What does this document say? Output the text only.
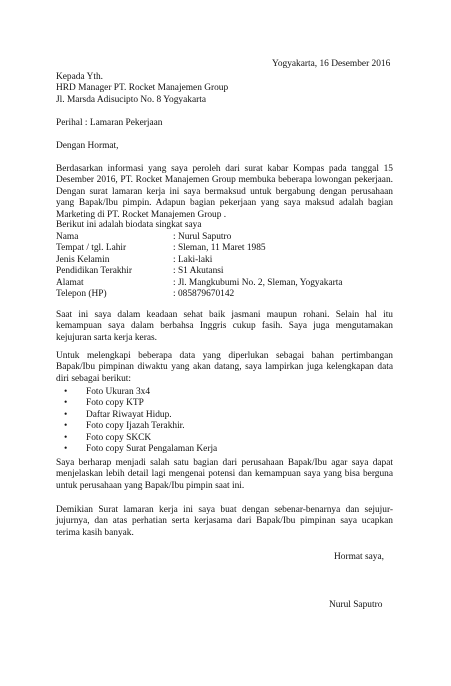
Yogyakarta, 16 Desember 2016
Kepada Yth.
HRD Manager PT. Rocket Manajemen Group
Jl. Marsda Adisucipto No. 8 Yogyakarta
Perihal : Lamaran Pekerjaan
Dengan Hormat,
Berdasarkan informasi yang saya peroleh dari surat kabar Kompas pada tanggal 15 Desember 2016, PT. Rocket Manajemen Group membuka beberapa lowongan pekerjaan. Dengan surat lamaran kerja ini saya bermaksud untuk bergabung dengan perusahaan yang Bapak/Ibu pimpin. Adapun bagian pekerjaan yang saya maksud adalah bagian Marketing di PT. Rocket Manajemen Group .
Berikut ini adalah biodata singkat saya
Nama	: Nurul Saputro
Tempat / tgl. Lahir	: Sleman, 11 Maret 1985
Jenis Kelamin	: Laki-laki
Pendidikan Terakhir	: S1 Akutansi
Alamat	: Jl. Mangkubumi No. 2, Sleman, Yogyakarta
Telepon (HP)	: 085879670142
Saat ini saya dalam keadaan sehat baik jasmani maupun rohani. Selain hal itu kemampuan saya dalam berbahsa Inggris cukup fasih. Saya juga mengutamakan kejujuran sarta kerja keras.
Untuk melengkapi beberapa data yang diperlukan sebagai bahan pertimbangan Bapak/Ibu pimpinan diwaktu yang akan datang, saya lampirkan juga kelengkapan data diri sebagai berikut:
•	Foto Ukuran 3x4
•	Foto copy KTP
•	Daftar Riwayat Hidup.
•	Foto copy Ijazah Terakhir.
•	Foto copy SKCK
•	Foto copy Surat Pengalaman Kerja
Saya berharap menjadi salah satu bagian dari perusahaan Bapak/Ibu agar saya dapat menjelaskan lebih detail lagi mengenai potensi dan kemampuan saya yang bisa berguna untuk perusahaan yang Bapak/Ibu pimpin saat ini.
Demikian Surat lamaran kerja ini saya buat dengan sebenar-benarnya dan sejujur-jujurnya, dan atas perhatian serta kerjasama dari Bapak/Ibu pimpinan saya ucapkan terima kasih banyak.
Hormat saya,
Nurul Saputro
